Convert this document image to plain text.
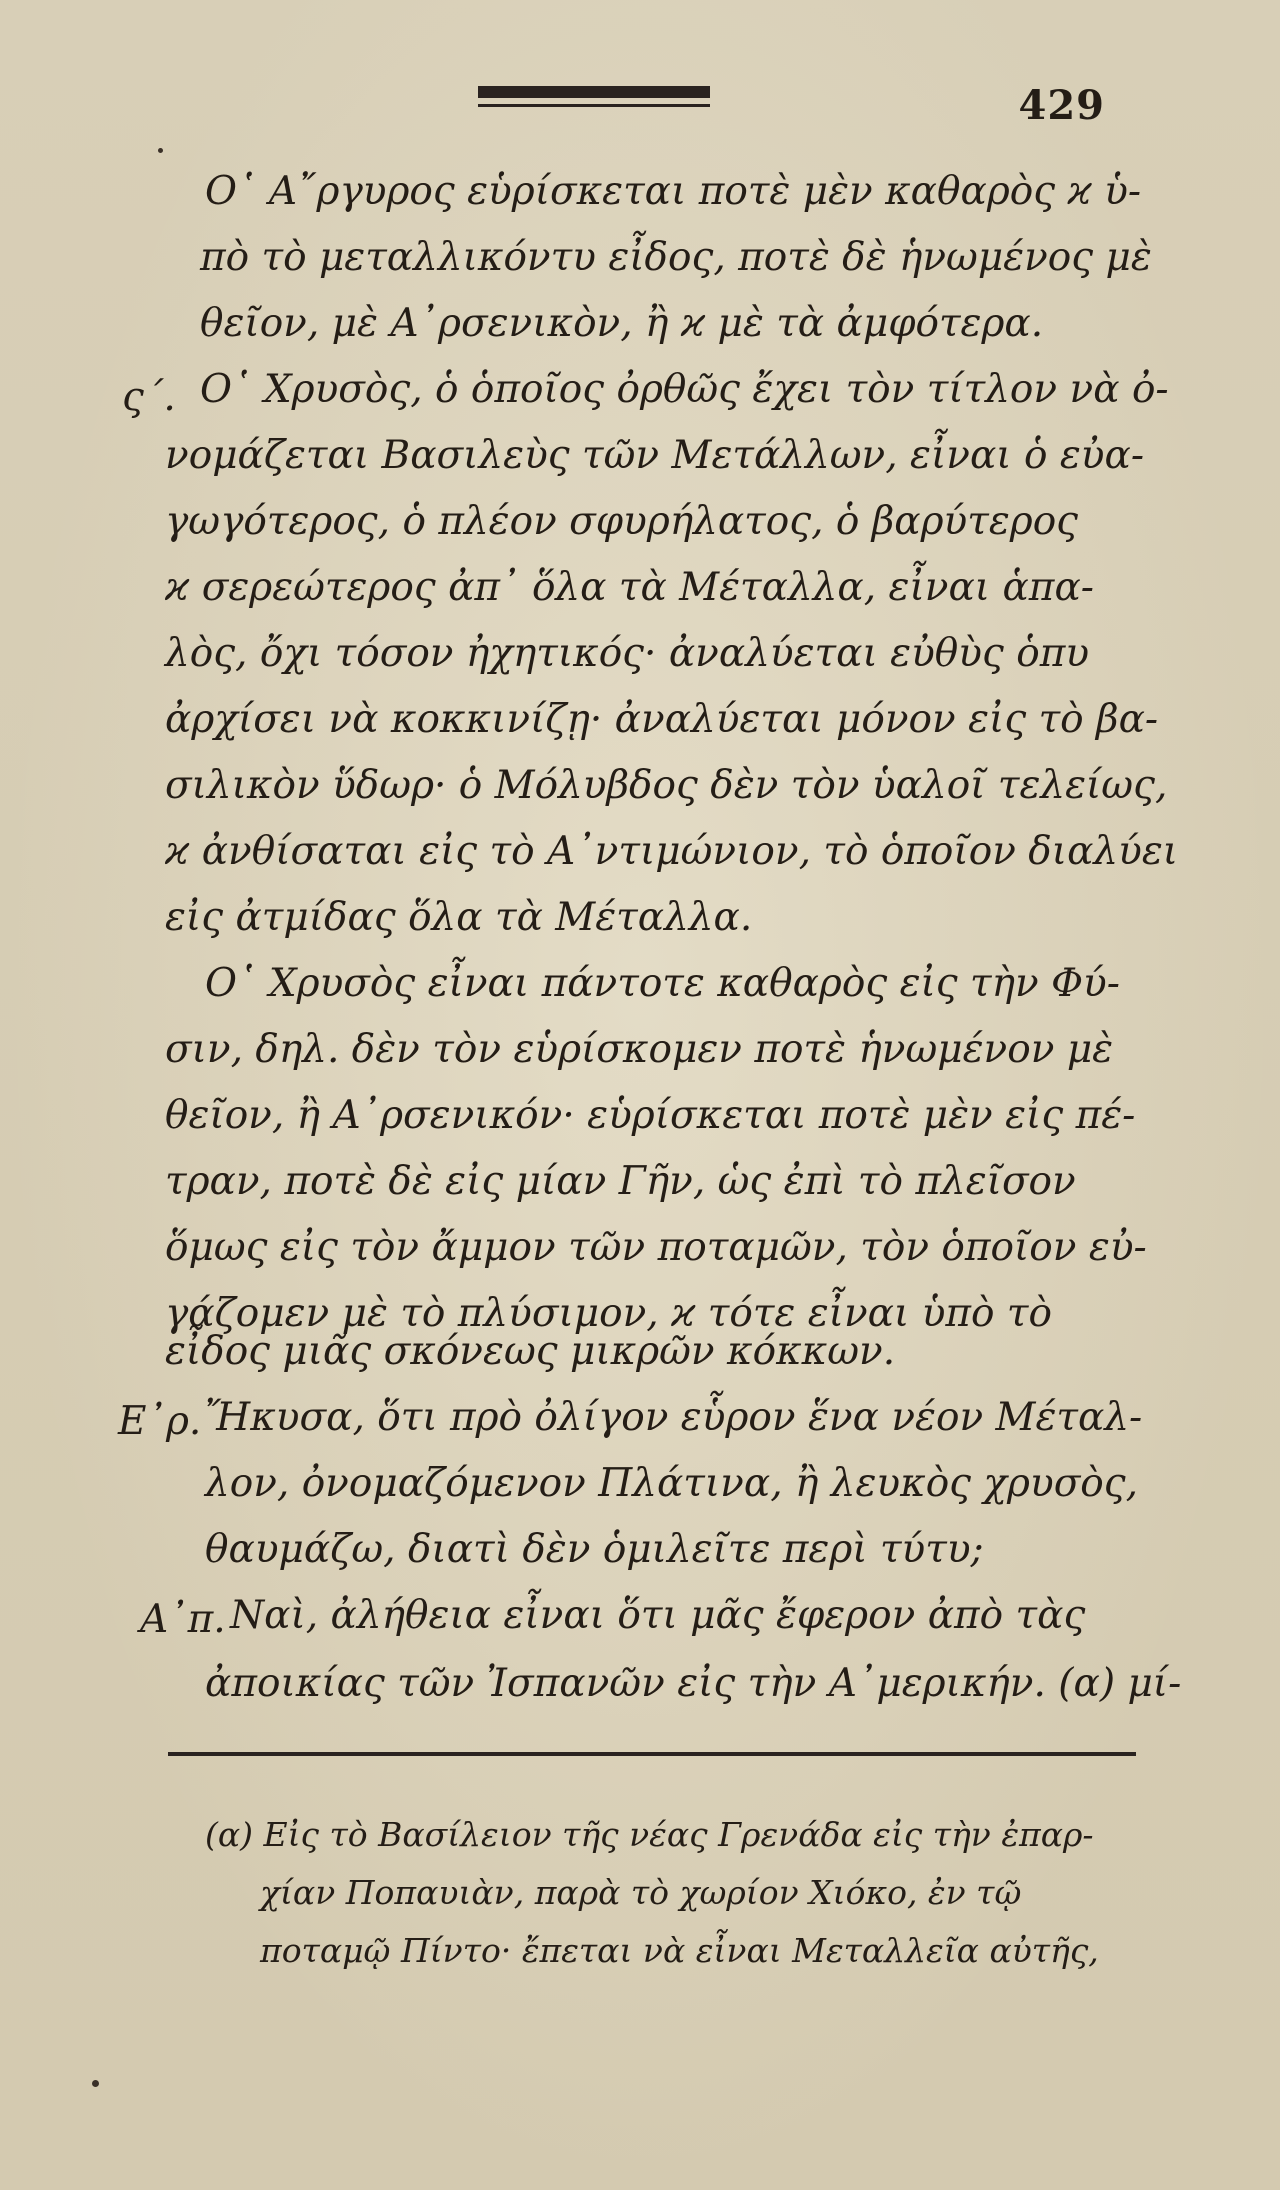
429
Ο῾ Α῎ργυρος εὑρίσκεται ποτὲ μὲν καθαρὸς ϰ ὑ-
πὸ τὸ μεταλλικόντυ εἶδος, ποτὲ δὲ ἡνωμένος μὲ
θεῖον, μὲ Α᾿ρσενικὸν, ἢ ϰ μὲ τὰ ἀμφότερα.
ς΄. Ο῾ Χρυσὸς, ὁ ὁποῖος ὀρθῶς ἔχει τὸν τίτλον νὰ ὀ-
νομάζεται Βασιλεὺς τῶν Μετάλλων, εἶναι ὁ εὐα-
γωγότερος, ὁ πλέον σφυρήλατος, ὁ βαρύτερος
ϰ σερεώτερος ἀπ᾿ ὅλα τὰ Μέταλλα, εἶναι ἁπα-
λὸς, ὄχι τόσον ἠχητικός· ἀναλύεται εὐθὺς ὁπυ
ἀρχίσει νὰ κοκκινίζῃ· ἀναλύεται μόνον εἰς τὸ βα-
σιλικὸν ὕδωρ· ὁ Μόλυβδος δὲν τὸν ὑαλοῖ τελείως,
ϰ ἀνθίσαται εἰς τὸ Α᾿ντιμώνιον, τὸ ὁποῖον διαλύει
εἰς ἀτμίδας ὅλα τὰ Μέταλλα.
Ο῾ Χρυσὸς εἶναι πάντοτε καθαρὸς εἰς τὴν Φύ-
σιν, δηλ. δὲν τὸν εὑρίσκομεν ποτὲ ἡνωμένον μὲ
θεῖον, ἢ Α᾿ρσενικόν· εὑρίσκεται ποτὲ μὲν εἰς πέ-
τραν, ποτὲ δὲ εἰς μίαν Γῆν, ὡς ἐπὶ τὸ πλεῖσον
ὅμως εἰς τὸν ἄμμον τῶν ποταμῶν, τὸν ὁποῖον εὐ-
γάζομεν μὲ τὸ πλύσιμον, ϰ τότε εἶναι ὑπὸ τὸ
εἶδος μιᾶς σκόνεως μικρῶν κόκκων.
Ε᾿ρ. Ἤκυσα, ὅτι πρὸ ὀλίγον εὗρον ἕνα νέον Μέταλ-
λον, ὀνομαζόμενον Πλάτινα, ἢ λευκὸς χρυσὸς,
θαυμάζω, διατὶ δὲν ὁμιλεῖτε περὶ τύτυ;
Α᾿π. Ναὶ, ἀλήθεια εἶναι ὅτι μᾶς ἔφερον ἀπὸ τὰς
ἀποικίας τῶν Ἰσπανῶν εἰς τὴν Α᾿μερικήν. (α) μί-
(α) Εἰς τὸ Βασίλειον τῆς νέας Γρενάδα εἰς τὴν ἐπαρ-
χίαν Ποπαυιὰν, παρὰ τὸ χωρίον Χιόκο, ἐν τῷ
ποταμῷ Πίντο· ἔπεται νὰ εἶναι Μεταλλεῖα αὐτῆς,
